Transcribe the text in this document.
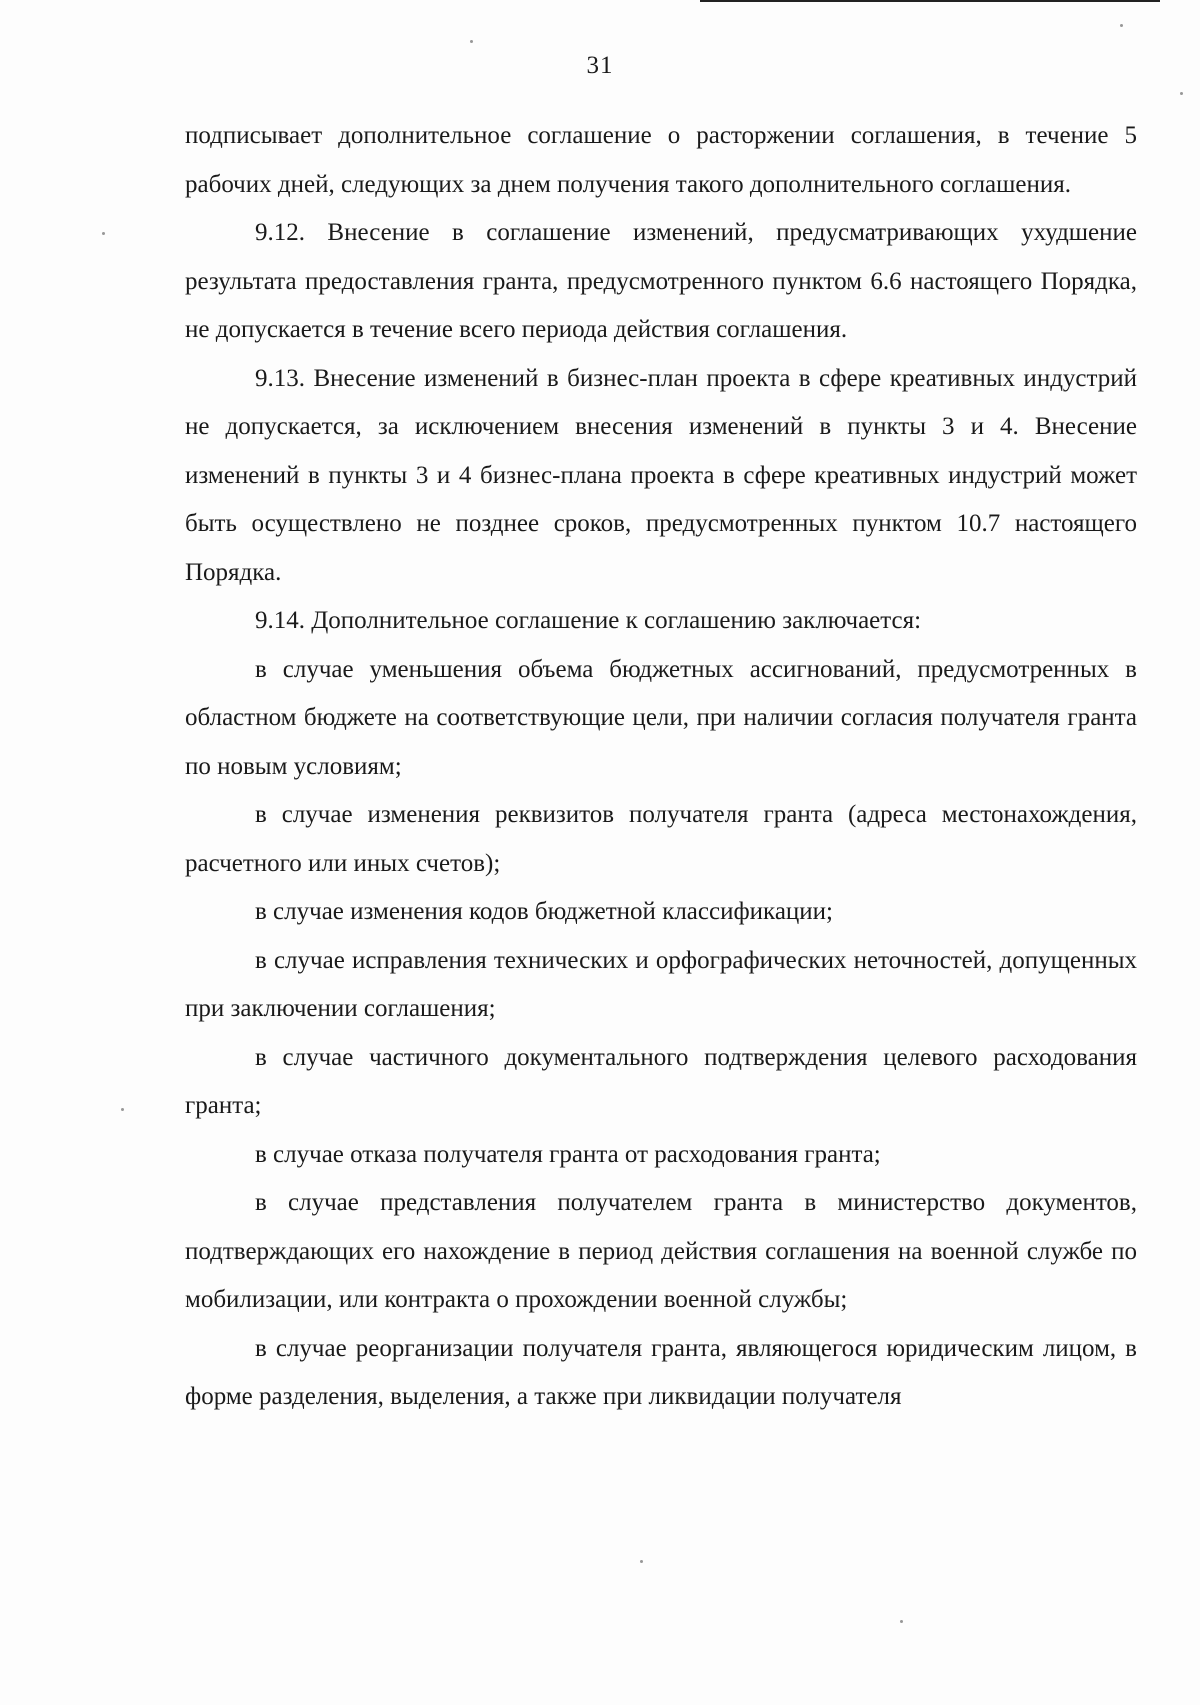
31

подписывает дополнительное соглашение о расторжении соглашения, в течение 5 рабочих дней, следующих за днем получения такого дополнительного соглашения.

9.12. Внесение в соглашение изменений, предусматривающих ухудшение результата предоставления гранта, предусмотренного пунктом 6.6 настоящего Порядка, не допускается в течение всего периода действия соглашения.

9.13. Внесение изменений в бизнес-план проекта в сфере креативных индустрий не допускается, за исключением внесения изменений в пункты 3 и 4. Внесение изменений в пункты 3 и 4 бизнес-плана проекта в сфере креативных индустрий может быть осуществлено не позднее сроков, предусмотренных пунктом 10.7 настоящего Порядка.

9.14. Дополнительное соглашение к соглашению заключается:

в случае уменьшения объема бюджетных ассигнований, предусмотренных в областном бюджете на соответствующие цели, при наличии согласия получателя гранта по новым условиям;

в случае изменения реквизитов получателя гранта (адреса местонахождения, расчетного или иных счетов);

в случае изменения кодов бюджетной классификации;

в случае исправления технических и орфографических неточностей, допущенных при заключении соглашения;

в случае частичного документального подтверждения целевого расходования гранта;

в случае отказа получателя гранта от расходования гранта;

в случае представления получателем гранта в министерство документов, подтверждающих его нахождение в период действия соглашения на военной службе по мобилизации, или контракта о прохождении военной службы;

в случае реорганизации получателя гранта, являющегося юридическим лицом, в форме разделения, выделения, а также при ликвидации получателя
